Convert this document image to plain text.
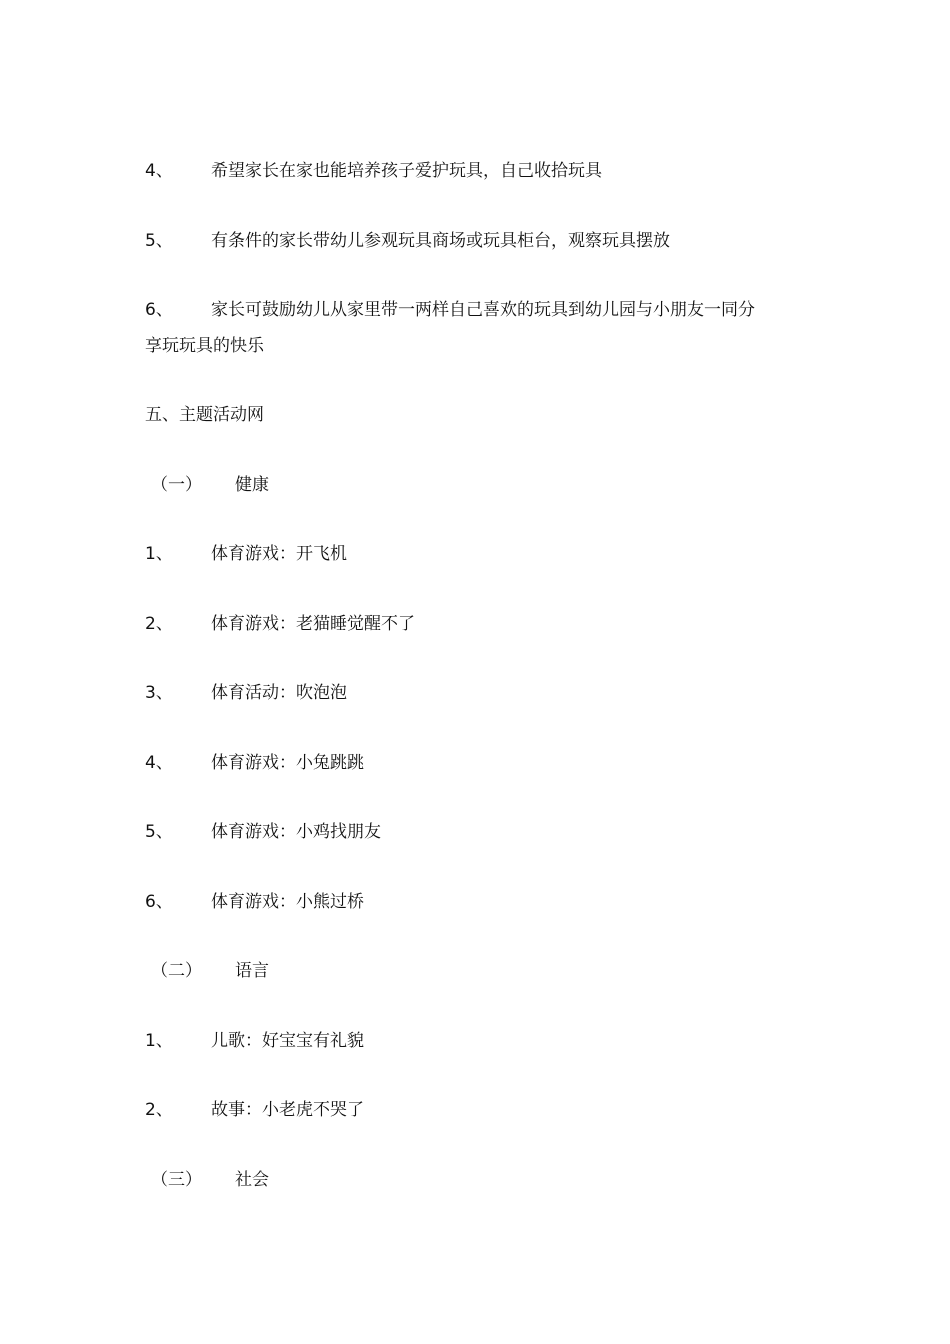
4、 希望家长在家也能培养孩子爱护玩具，自己收拾玩具
5、 有条件的家长带幼儿参观玩具商场或玩具柜台，观察玩具摆放
6、 家长可鼓励幼儿从家里带一两样自己喜欢的玩具到幼儿园与小朋友一同分
享玩玩具的快乐
五、主题活动网
（一） 健康
1、 体育游戏：开飞机
2、 体育游戏：老猫睡觉醒不了
3、 体育活动：吹泡泡
4、 体育游戏：小兔跳跳
5、 体育游戏：小鸡找朋友
6、 体育游戏：小熊过桥
（二） 语言
1、 儿歌：好宝宝有礼貌
2、 故事：小老虎不哭了
（三） 社会
